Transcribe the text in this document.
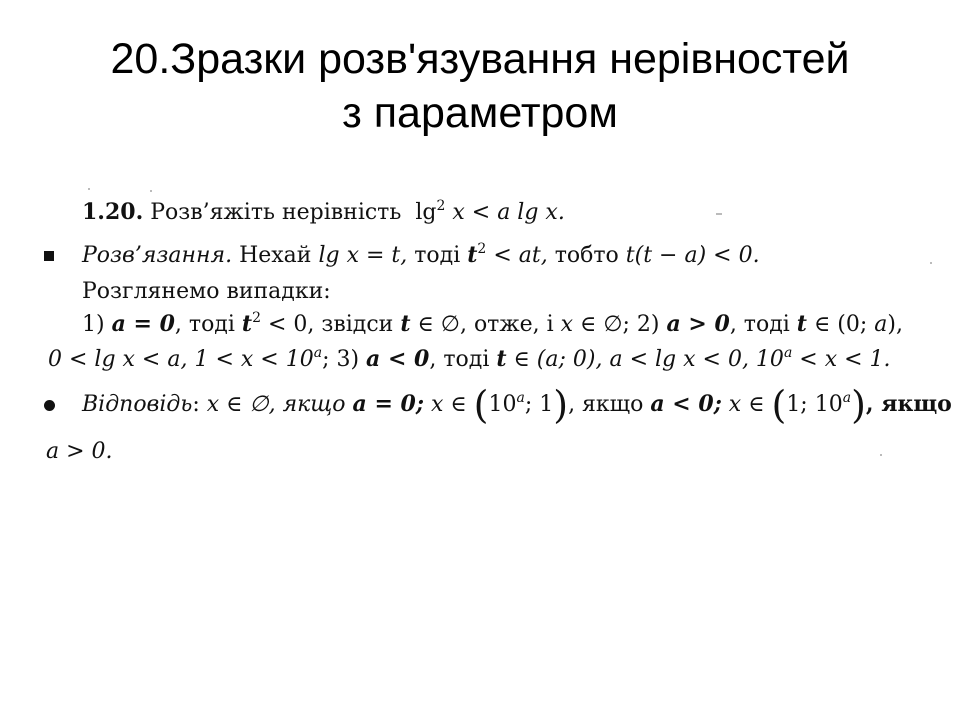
20.Зразки розв'язування нерівностей
з параметром
1.20. Розв’яжіть нерівність $\lg^2 x < a$ lg x.
Розв’язання. Нехай lg x = t, тоді $t^2$ < at, тобто t(t − a) < 0.
Розглянемо випадки:
1) a = 0, тоді $t^2 < 0$, звідси t ∈ ∅, отже, і x ∈ ∅; 2) a > 0, тоді t ∈ (0; a),
0 < lg x < a, $1 < x < 10^a$; 3) a < 0, тоді t ∈ (a; 0), a < lg x < 0, $10^a < x < 1$.
Відповідь: x ∈ ∅, якщо a = 0; x ∈ (10$^a$; 1), якщо a < 0; x ∈ (1; 10$^a$), якщо
a > 0.
